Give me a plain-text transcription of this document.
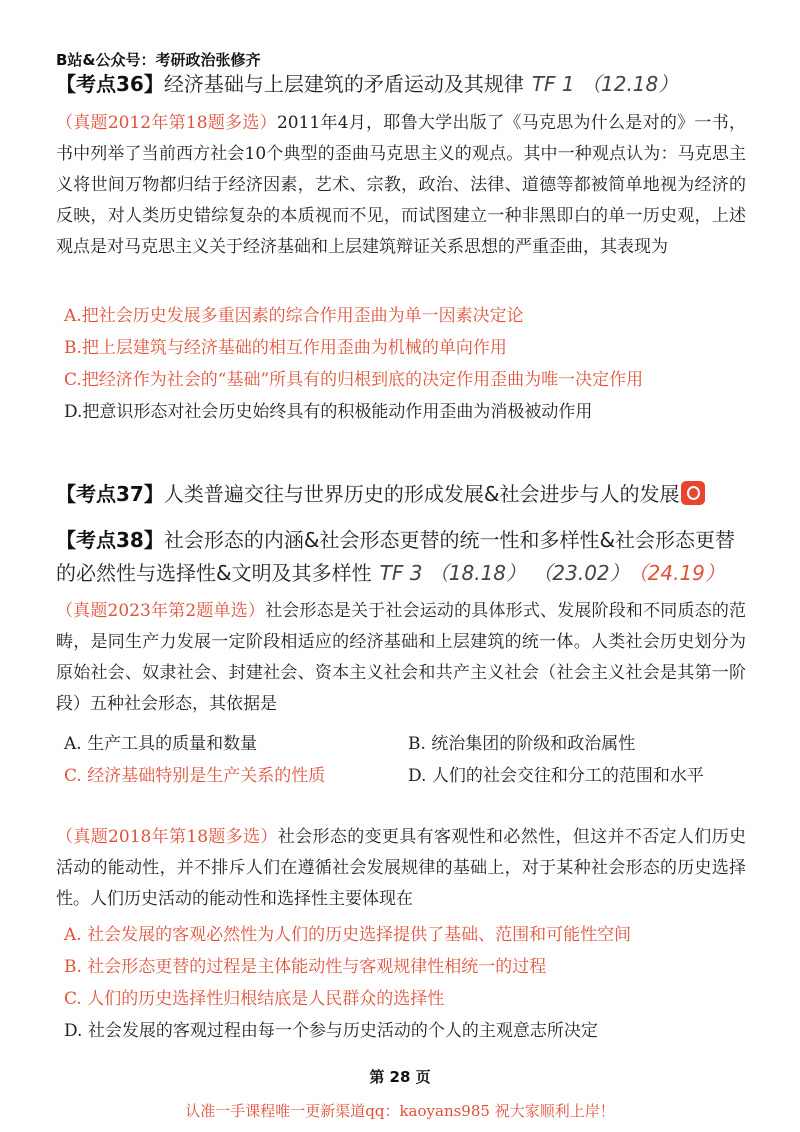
B站&公众号：考研政治张修齐
【考点36】经济基础与上层建筑的矛盾运动及其规律 TF 1 （12.18）
（真题2012年第18题多选）2011年4月，耶鲁大学出版了《马克思为什么是对的》一书，书中列举了当前西方社会10个典型的歪曲马克思主义的观点。其中一种观点认为：马克思主义将世间万物都归结于经济因素，艺术、宗教，政治、法律、道德等都被简单地视为经济的反映，对人类历史错综复杂的本质视而不见，而试图建立一种非黑即白的单一历史观，上述观点是对马克思主义关于经济基础和上层建筑辩证关系思想的严重歪曲，其表现为
A.把社会历史发展多重因素的综合作用歪曲为单一因素决定论
B.把上层建筑与经济基础的相互作用歪曲为机械的单向作用
C.把经济作为社会的“基础”所具有的归根到底的决定作用歪曲为唯一决定作用
D.把意识形态对社会历史始终具有的积极能动作用歪曲为消极被动作用
【考点37】人类普遍交往与世界历史的形成发展&社会进步与人的发展
【考点38】社会形态的内涵&社会形态更替的统一性和多样性&社会形态更替的必然性与选择性&文明及其多样性 TF 3 （18.18） （23.02） （24.19）
（真题2023年第2题单选）社会形态是关于社会运动的具体形式、发展阶段和不同质态的范畴，是同生产力发展一定阶段相适应的经济基础和上层建筑的统一体。人类社会历史划分为原始社会、奴隶社会、封建社会、资本主义社会和共产主义社会（社会主义社会是其第一阶段）五种社会形态，其依据是
A. 生产工具的质量和数量	B. 统治集团的阶级和政治属性
C. 经济基础特别是生产关系的性质	D. 人们的社会交往和分工的范围和水平
（真题2018年第18题多选）社会形态的变更具有客观性和必然性，但这并不否定人们历史活动的能动性，并不排斥人们在遵循社会发展规律的基础上，对于某种社会形态的历史选择性。人们历史活动的能动性和选择性主要体现在
A. 社会发展的客观必然性为人们的历史选择提供了基础、范围和可能性空间
B. 社会形态更替的过程是主体能动性与客观规律性相统一的过程
C. 人们的历史选择性归根结底是人民群众的选择性
D. 社会发展的客观过程由每一个参与历史活动的个人的主观意志所决定
第 28 页
认准一手课程唯一更新渠道qq：kaoyans985 祝大家顺利上岸！
